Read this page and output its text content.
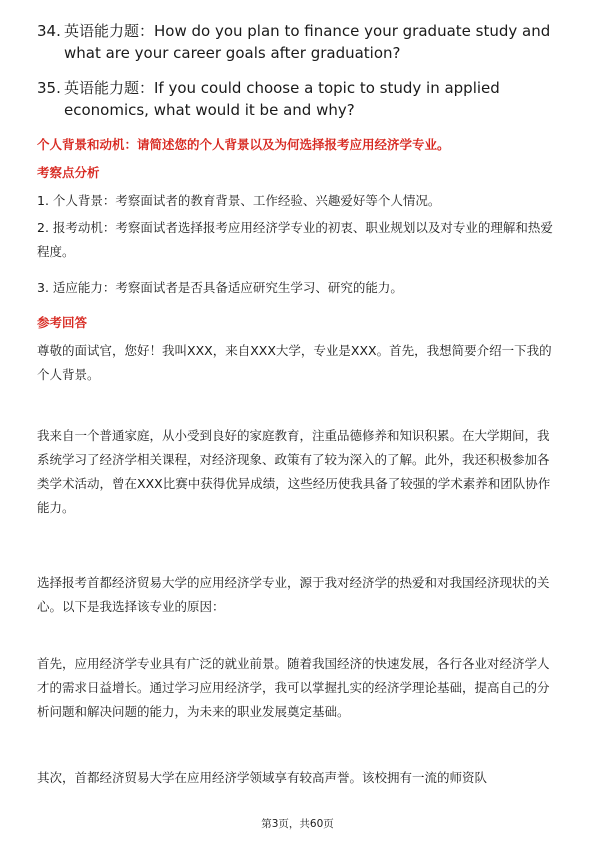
34. 英语能力题：How do you plan to finance your graduate study and what are your career goals after graduation?
35. 英语能力题：If you could choose a topic to study in applied economics, what would it be and why?
个人背景和动机：请简述您的个人背景以及为何选择报考应用经济学专业。
考察点分析
1. 个人背景：考察面试者的教育背景、工作经验、兴趣爱好等个人情况。
2. 报考动机：考察面试者选择报考应用经济学专业的初衷、职业规划以及对专业的理解和热爱程度。
3. 适应能力：考察面试者是否具备适应研究生学习、研究的能力。
参考回答
尊敬的面试官，您好！我叫XXX，来自XXX大学，专业是XXX。首先，我想简要介绍一下我的个人背景。
我来自一个普通家庭，从小受到良好的家庭教育，注重品德修养和知识积累。在大学期间，我系统学习了经济学相关课程，对经济现象、政策有了较为深入的了解。此外，我还积极参加各类学术活动，曾在XXX比赛中获得优异成绩，这些经历使我具备了较强的学术素养和团队协作能力。
选择报考首都经济贸易大学的应用经济学专业，源于我对经济学的热爱和对我国经济现状的关心。以下是我选择该专业的原因：
首先，应用经济学专业具有广泛的就业前景。随着我国经济的快速发展，各行各业对经济学人才的需求日益增长。通过学习应用经济学，我可以掌握扎实的经济学理论基础，提高自己的分析问题和解决问题的能力，为未来的职业发展奠定基础。
其次，首都经济贸易大学在应用经济学领域享有较高声誉。该校拥有一流的师资队
第3页，共60页
